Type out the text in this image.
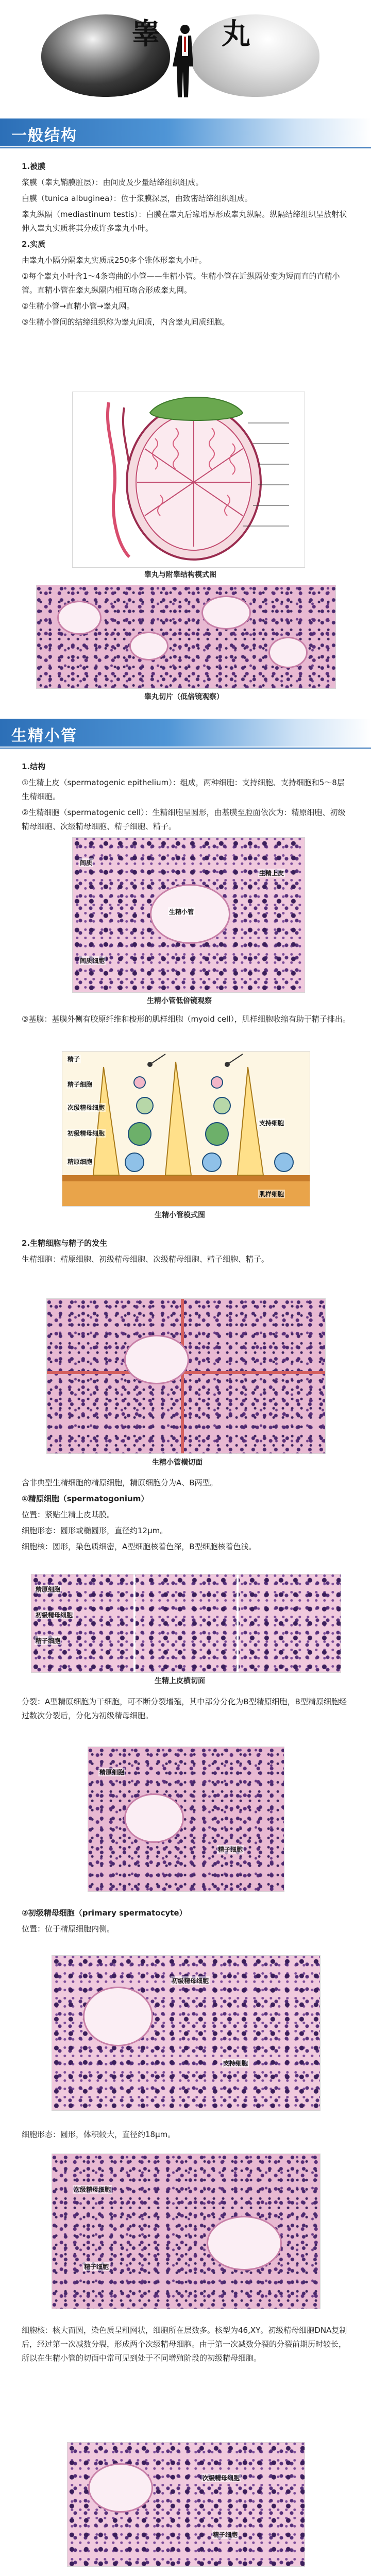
睾 丸
一般结构

1.被膜

浆膜（睾丸鞘膜脏层）：由间皮及少量结缔组织组成。

白膜（tunica albuginea）：位于浆膜深层，由致密结缔组织组成。

睾丸纵隔（mediastinum testis）：白膜在睾丸后缘增厚形成睾丸纵隔。纵隔结缔组织呈放射状伸入睾丸实质将其分成许多睾丸小叶。

2.实质

由睾丸小隔分隔睾丸实质成250多个锥体形睾丸小叶。

①每个睾丸小叶含1～4条弯曲的小管——生精小管。生精小管在近纵隔处变为短而直的直精小管。直精小管在睾丸纵隔内相互吻合形成睾丸网。

②生精小管→直精小管→睾丸网。

③生精小管间的结缔组织称为睾丸间质，内含睾丸间质细胞。

睾丸与附睾结构模式图
睾丸切片（低倍镜观察）
生精小管

1.结构

①生精上皮（spermatogenic epithelium）：组成，两种细胞：支持细胞、支持细胞和5～8层生精细胞。

②生精细胞（spermatogenic cell）：生精细胞呈圆形，由基膜至腔面依次为：精原细胞、初级精母细胞、次级精母细胞、精子细胞、精子。

生精小管
间质
间质细胞
生精上皮
生精小管低倍镜观察

③基膜：基膜外侧有胶原纤维和梭形的肌样细胞（myoid cell），肌样细胞收缩有助于精子排出。

精子
精子细胞
次级精母细胞
初级精母细胞
精原细胞
支持细胞
肌样细胞
生精小管模式图

2.生精细胞与精子的发生

生精细胞：精原细胞、初级精母细胞、次级精母细胞、精子细胞、精子。

生精小管横切面

含非典型生精细胞的精原细胞，精原细胞分为A、B两型。

①精原细胞（spermatogonium）

位置：紧贴生精上皮基膜。

细胞形态：圆形或椭圆形，直径约12μm。

细胞核：圆形，染色质细密，A型细胞核着色深，B型细胞核着色浅。

精原细胞
初级精母细胞
精子细胞
生精上皮横切面

分裂：A型精原细胞为干细胞，可不断分裂增殖，其中部分分化为B型精原细胞，B型精原细胞经过数次分裂后，分化为初级精母细胞。

精原细胞
精子细胞

②初级精母细胞（primary spermatocyte）

位置：位于精原细胞内侧。

初级精母细胞
支持细胞

细胞形态：圆形，体积较大，直径约18μm。

次级精母细胞
精子细胞

细胞核：核大而圆，染色质呈粗网状，细胞所在层数多。核型为46,XY。初级精母细胞DNA复制后，经过第一次减数分裂，形成两个次级精母细胞。由于第一次减数分裂的分裂前期历时较长，所以在生精小管的切面中常可见到处于不同增殖阶段的初级精母细胞。

次级精母细胞
精子细胞
